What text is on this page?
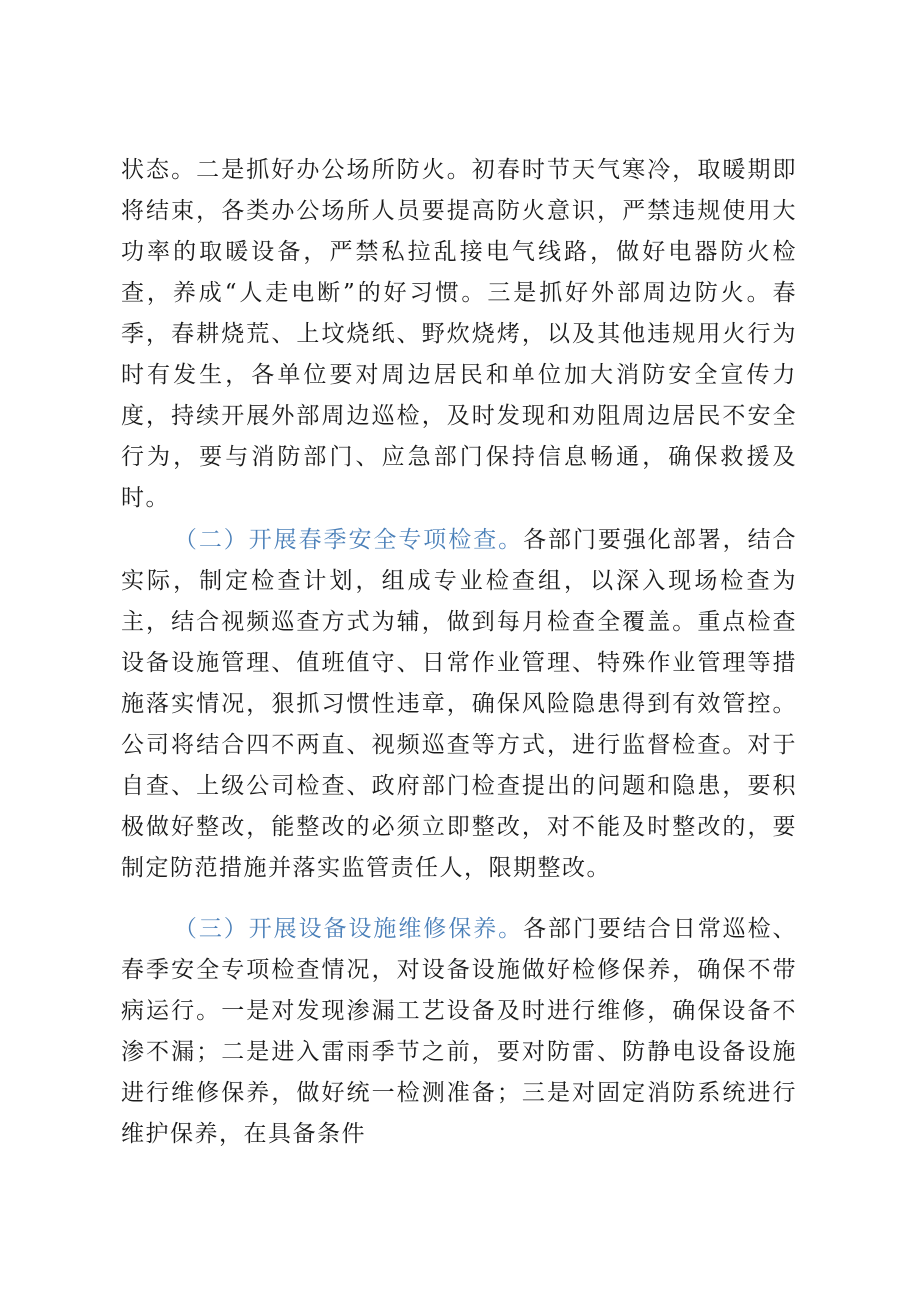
状态。二是抓好办公场所防火。初春时节天气寒冷，取暖期即将结束，各类办公场所人员要提高防火意识，严禁违规使用大功率的取暖设备，严禁私拉乱接电气线路，做好电器防火检查，养成“人走电断”的好习惯。三是抓好外部周边防火。春季，春耕烧荒、上坟烧纸、野炊烧烤，以及其他违规用火行为时有发生，各单位要对周边居民和单位加大消防安全宣传力度，持续开展外部周边巡检，及时发现和劝阻周边居民不安全行为，要与消防部门、应急部门保持信息畅通，确保救援及时。

（二）开展春季安全专项检查。各部门要强化部署，结合实际，制定检查计划，组成专业检查组，以深入现场检查为主，结合视频巡查方式为辅，做到每月检查全覆盖。重点检查设备设施管理、值班值守、日常作业管理、特殊作业管理等措施落实情况，狠抓习惯性违章，确保风险隐患得到有效管控。公司将结合四不两直、视频巡查等方式，进行监督检查。对于自查、上级公司检查、政府部门检查提出的问题和隐患，要积极做好整改，能整改的必须立即整改，对不能及时整改的，要制定防范措施并落实监管责任人，限期整改。

（三）开展设备设施维修保养。各部门要结合日常巡检、春季安全专项检查情况，对设备设施做好检修保养，确保不带病运行。一是对发现渗漏工艺设备及时进行维修，确保设备不渗不漏；二是进入雷雨季节之前，要对防雷、防静电设备设施进行维修保养，做好统一检测准备；三是对固定消防系统进行维护保养，在具备条件
